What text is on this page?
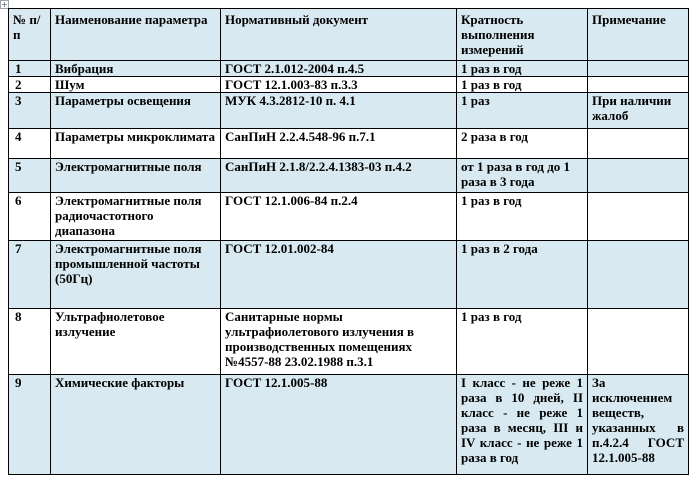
+
№ п/п	Наименование параметра	Нормативный документ	Кратность выполнения измерений	Примечание
1	Вибрация	ГОСТ 2.1.012-2004 п.4.5	1 раз в год	
2	Шум	ГОСТ 12.1.003-83 п.3.3	1 раз в год	
3	Параметры освещения	МУК 4.3.2812-10 п. 4.1	1 раз	При наличии жалоб
4	Параметры микроклимата	СанПиН 2.2.4.548-96 п.7.1	2 раза в год	
5	Электромагнитные поля	СанПиН 2.1.8/2.2.4.1383-03 п.4.2	от 1 раза в год до 1 раза в 3 года	
6	Электромагнитные поля радиочастотного диапазона	ГОСТ 12.1.006-84 п.2.4	1 раз в год	
7	Электромагнитные поля промышленной частоты (50Гц)	ГОСТ 12.01.002-84	1 раз в 2 года	
8	Ультрафиолетовое излучение	Санитарные нормы ультрафиолетового излучения в производственных помещениях №4557-88 23.02.1988 п.3.1	1 раз в год	
9	Химические факторы	ГОСТ 12.1.005-88	I класс - не реже 1 раза в 10 дней, II класс - не реже 1 раза в месяц, III и IV класс - не реже 1 раза в год	За исключением веществ, указанных в п.4.2.4 ГОСТ 12.1.005-88
